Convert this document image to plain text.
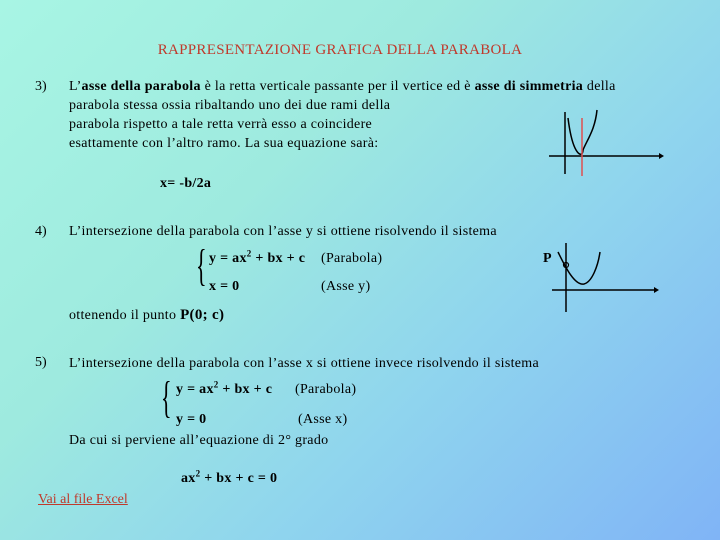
RAPPRESENTAZIONE GRAFICA DELLA PARABOLA
3) L’asse della parabola è la retta verticale passante per il vertice ed è asse di simmetria della
parabola stessa ossia ribaltando uno dei due rami della
parabola rispetto a tale retta verrà esso a coincidere
esattamente con l’altro ramo. La sua equazione sarà:
x= -b/2a
4) L’intersezione della parabola con l’asse y si ottiene risolvendo il sistema
{ $y = ax^2$ + bx + c (Parabola)
x = 0	(Asse y)
P
ottenendo il punto P(0; c)
5) L’intersezione della parabola con l’asse x si ottiene invece risolvendo il sistema
{ $y = ax^2$ + bx + c (Parabola)
y = 0	(Asse x)
Da cui si perviene all’equazione di 2° grado
$ax^2$ + bx + c = 0
Vai al file Excel
